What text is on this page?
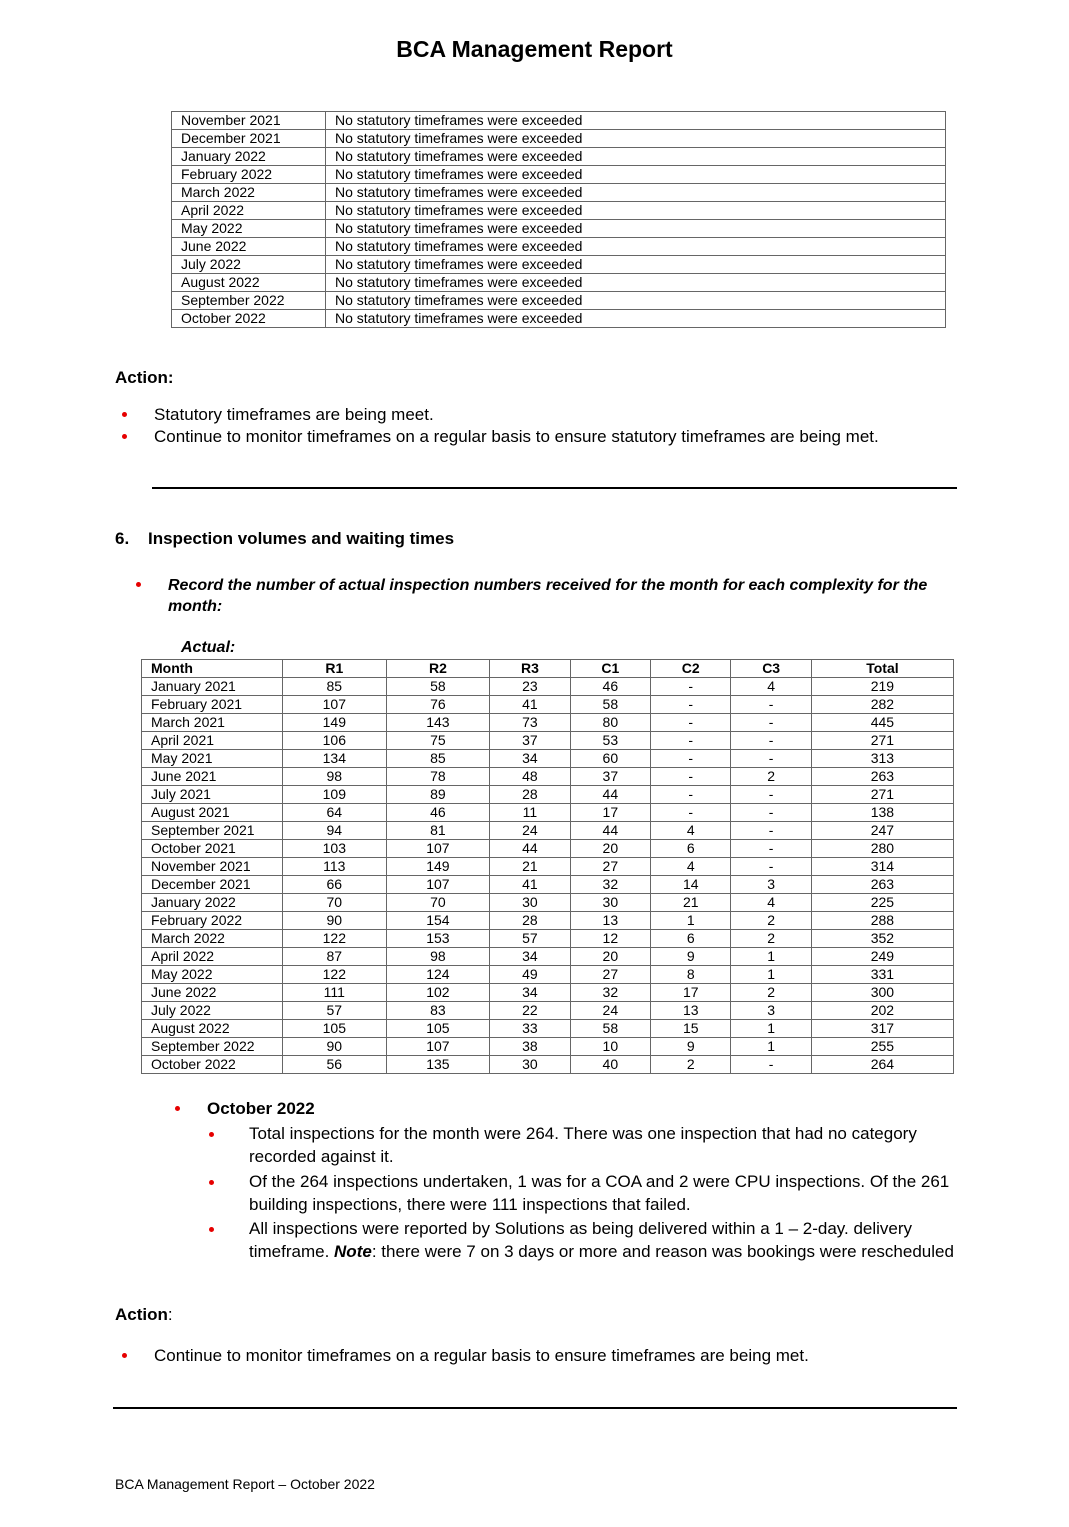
BCA Management Report
November 2021	No statutory timeframes were exceeded
December 2021	No statutory timeframes were exceeded
January 2022	No statutory timeframes were exceeded
February 2022	No statutory timeframes were exceeded
March 2022	No statutory timeframes were exceeded
April 2022	No statutory timeframes were exceeded
May 2022	No statutory timeframes were exceeded
June 2022	No statutory timeframes were exceeded
July 2022	No statutory timeframes were exceeded
August 2022	No statutory timeframes were exceeded
September 2022	No statutory timeframes were exceeded
October 2022	No statutory timeframes were exceeded
Action:
Statutory timeframes are being meet.
Continue to monitor timeframes on a regular basis to ensure statutory timeframes are being met.
6. Inspection volumes and waiting times
Record the number of actual inspection numbers received for the month for each complexity for the month:
Actual:
Month	R1	R2	R3	C1	C2	C3	Total
January 2021	85	58	23	46	-	4	219
February 2021	107	76	41	58	-	-	282
March 2021	149	143	73	80	-	-	445
April 2021	106	75	37	53	-	-	271
May 2021	134	85	34	60	-	-	313
June 2021	98	78	48	37	-	2	263
July 2021	109	89	28	44	-	-	271
August 2021	64	46	11	17	-	-	138
September 2021	94	81	24	44	4	-	247
October 2021	103	107	44	20	6	-	280
November 2021	113	149	21	27	4	-	314
December 2021	66	107	41	32	14	3	263
January 2022	70	70	30	30	21	4	225
February 2022	90	154	28	13	1	2	288
March 2022	122	153	57	12	6	2	352
April 2022	87	98	34	20	9	1	249
May 2022	122	124	49	27	8	1	331
June 2022	111	102	34	32	17	2	300
July 2022	57	83	22	24	13	3	202
August 2022	105	105	33	58	15	1	317
September 2022	90	107	38	10	9	1	255
October 2022	56	135	30	40	2	-	264
October 2022
Total inspections for the month were 264. There was one inspection that had no category recorded against it.
Of the 264 inspections undertaken, 1 was for a COA and 2 were CPU inspections. Of the 261 building inspections, there were 111 inspections that failed.
All inspections were reported by Solutions as being delivered within a 1 – 2-day. delivery timeframe. Note: there were 7 on 3 days or more and reason was bookings were rescheduled
Action:
Continue to monitor timeframes on a regular basis to ensure timeframes are being met.
BCA Management Report – October 2022
